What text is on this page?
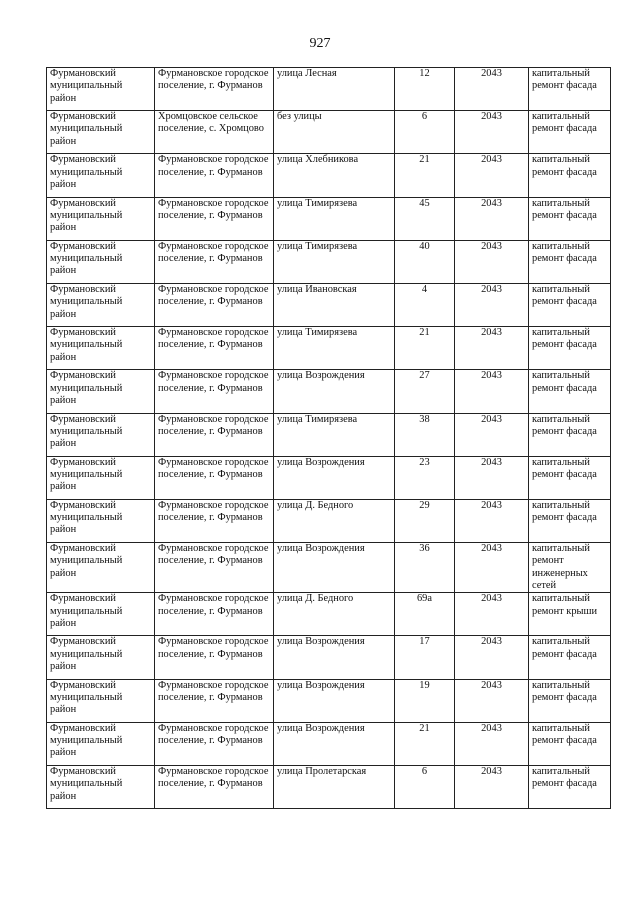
927
Фурмановский муниципальный район	Фурмановское городское поселение, г. Фурманов	улица Лесная	12	2043	капитальный ремонт фасада
Фурмановский муниципальный район	Хромцовское сельское поселение, с. Хромцово	без улицы	6	2043	капитальный ремонт фасада
Фурмановский муниципальный район	Фурмановское городское поселение, г. Фурманов	улица Хлебникова	21	2043	капитальный ремонт фасада
Фурмановский муниципальный район	Фурмановское городское поселение, г. Фурманов	улица Тимирязева	45	2043	капитальный ремонт фасада
Фурмановский муниципальный район	Фурмановское городское поселение, г. Фурманов	улица Тимирязева	40	2043	капитальный ремонт фасада
Фурмановский муниципальный район	Фурмановское городское поселение, г. Фурманов	улица Ивановская	4	2043	капитальный ремонт фасада
Фурмановский муниципальный район	Фурмановское городское поселение, г. Фурманов	улица Тимирязева	21	2043	капитальный ремонт фасада
Фурмановский муниципальный район	Фурмановское городское поселение, г. Фурманов	улица Возрождения	27	2043	капитальный ремонт фасада
Фурмановский муниципальный район	Фурмановское городское поселение, г. Фурманов	улица Тимирязева	38	2043	капитальный ремонт фасада
Фурмановский муниципальный район	Фурмановское городское поселение, г. Фурманов	улица Возрождения	23	2043	капитальный ремонт фасада
Фурмановский муниципальный район	Фурмановское городское поселение, г. Фурманов	улица Д. Бедного	29	2043	капитальный ремонт фасада
Фурмановский муниципальный район	Фурмановское городское поселение, г. Фурманов	улица Возрождения	36	2043	капитальный ремонт инженерных сетей
Фурмановский муниципальный район	Фурмановское городское поселение, г. Фурманов	улица Д. Бедного	69а	2043	капитальный ремонт крыши
Фурмановский муниципальный район	Фурмановское городское поселение, г. Фурманов	улица Возрождения	17	2043	капитальный ремонт фасада
Фурмановский муниципальный район	Фурмановское городское поселение, г. Фурманов	улица Возрождения	19	2043	капитальный ремонт фасада
Фурмановский муниципальный район	Фурмановское городское поселение, г. Фурманов	улица Возрождения	21	2043	капитальный ремонт фасада
Фурмановский муниципальный район	Фурмановское городское поселение, г. Фурманов	улица Пролетарская	6	2043	капитальный ремонт фасада
